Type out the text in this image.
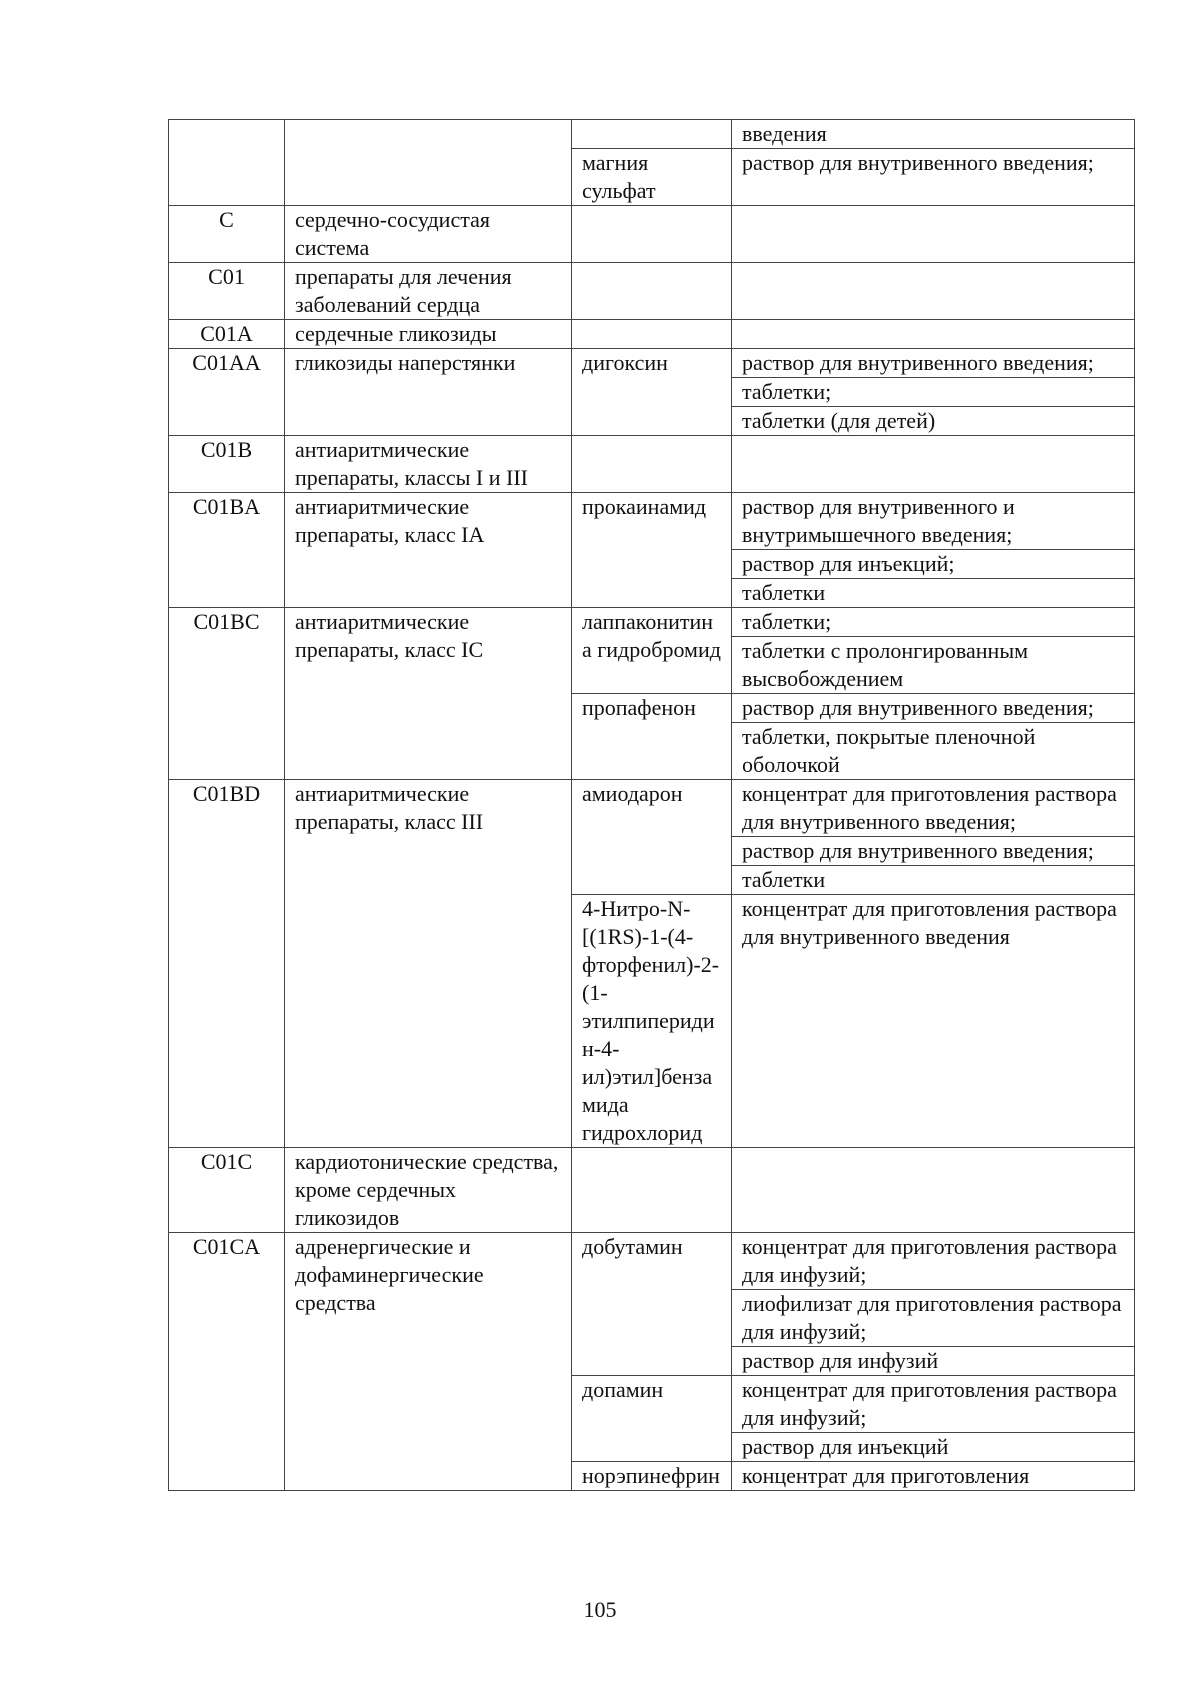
			введения
		магния сульфат	раствор для внутривенного введения;
C	сердечно-сосудистая система		
C01	препараты для лечения заболеваний сердца		
C01A	сердечные гликозиды		
C01AA	гликозиды наперстянки	дигоксин	раствор для внутривенного введения;
			таблетки;
			таблетки (для детей)
C01B	антиаритмические препараты, классы I и III		
C01BA	антиаритмические препараты, класс IA	прокаинамид	раствор для внутривенного и внутримышечного введения;
			раствор для инъекций;
			таблетки
C01BC	антиаритмические препараты, класс IC	лаппаконитина гидробромид	таблетки;
			таблетки с пролонгированным высвобождением
		пропафенон	раствор для внутривенного введения;
			таблетки, покрытые пленочной оболочкой
C01BD	антиаритмические препараты, класс III	амиодарон	концентрат для приготовления раствора для внутривенного введения;
			раствор для внутривенного введения;
			таблетки
		4-Нитро-N-[(1RS)-1-(4-фторфенил)-2-(1-этилпиперидин-4-ил)этил]бензамида гидрохлорид	концентрат для приготовления раствора для внутривенного введения
C01C	кардиотонические средства, кроме сердечных гликозидов		
C01CA	адренергические и дофаминергические средства	добутамин	концентрат для приготовления раствора для инфузий;
			лиофилизат для приготовления раствора для инфузий;
			раствор для инфузий
		допамин	концентрат для приготовления раствора для инфузий;
			раствор для инъекций
		норэпинефрин	концентрат для приготовления
105
